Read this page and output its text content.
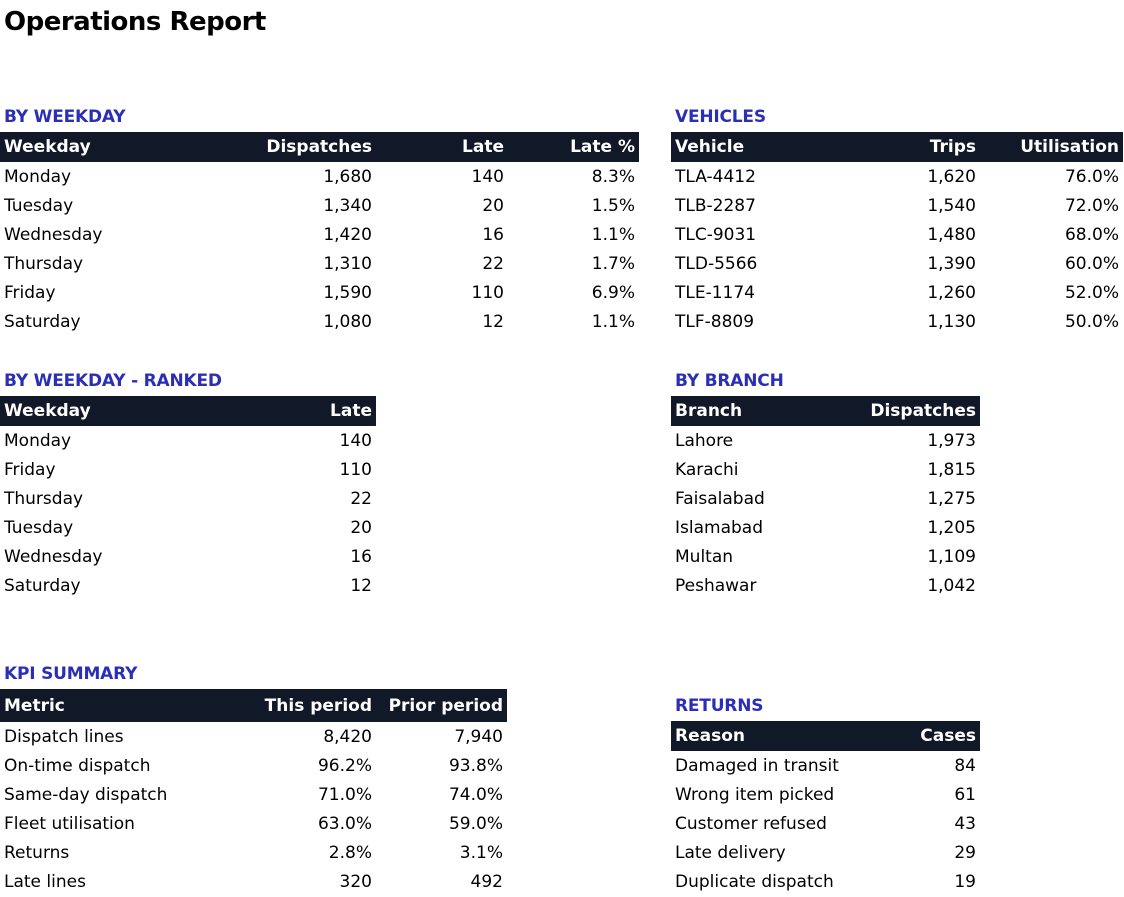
Operations Report
BY WEEKDAY
Weekday	Dispatches	Late	Late %
Monday	1,680	140	8.3%
Tuesday	1,340	20	1.5%
Wednesday	1,420	16	1.1%
Thursday	1,310	22	1.7%
Friday	1,590	110	6.9%
Saturday	1,080	12	1.1%
VEHICLES
Vehicle	Trips	Utilisation
TLA-4412	1,620	76.0%
TLB-2287	1,540	72.0%
TLC-9031	1,480	68.0%
TLD-5566	1,390	60.0%
TLE-1174	1,260	52.0%
TLF-8809	1,130	50.0%
BY WEEKDAY - RANKED
Weekday	Late
Monday	140
Friday	110
Thursday	22
Tuesday	20
Wednesday	16
Saturday	12
BY BRANCH
Branch	Dispatches
Lahore	1,973
Karachi	1,815
Faisalabad	1,275
Islamabad	1,205
Multan	1,109
Peshawar	1,042
KPI SUMMARY
Metric	This period	Prior period
Dispatch lines	8,420	7,940
On-time dispatch	96.2%	93.8%
Same-day dispatch	71.0%	74.0%
Fleet utilisation	63.0%	59.0%
Returns	2.8%	3.1%
Late lines	320	492
RETURNS
Reason	Cases
Damaged in transit	84
Wrong item picked	61
Customer refused	43
Late delivery	29
Duplicate dispatch	19
